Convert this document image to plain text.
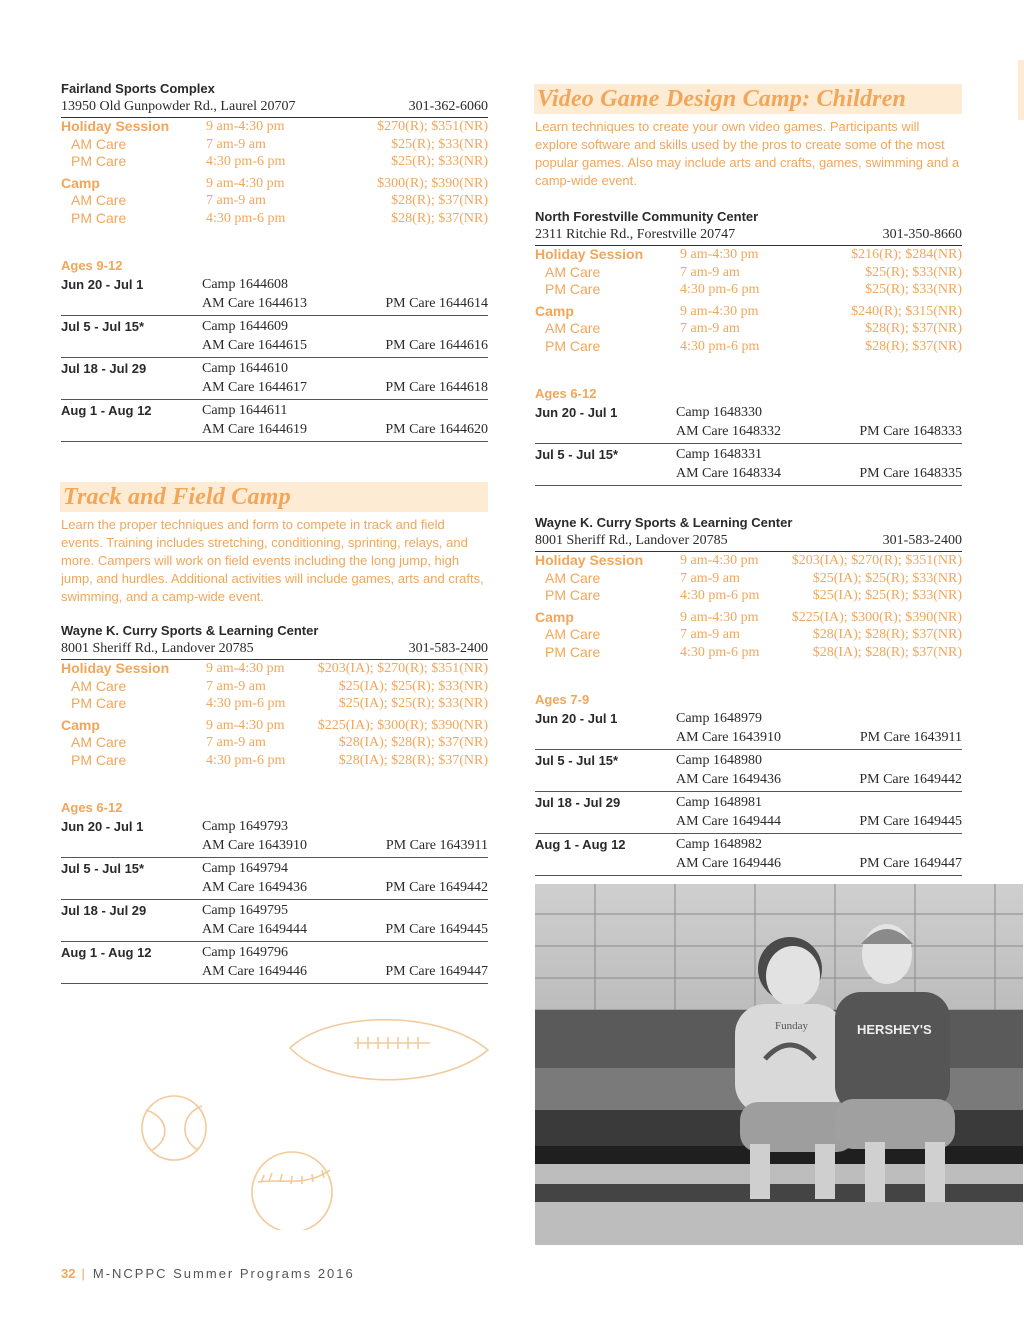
Fairland Sports Complex
13950 Old Gunpowder Rd., Laurel 20707	301-362-6060
Holiday Session	9 am-4:30 pm	$270(R); $351(NR)
AM Care	7 am-9 am	$25(R); $33(NR)
PM Care	4:30 pm-6 pm	$25(R); $33(NR)
Camp	9 am-4:30 pm	$300(R); $390(NR)
AM Care	7 am-9 am	$28(R); $37(NR)
PM Care	4:30 pm-6 pm	$28(R); $37(NR)
Ages 9-12
Jun 20 - Jul 1	Camp 1644608
AM Care 1644613	PM Care 1644614
Jul 5 - Jul 15*	Camp 1644609
AM Care 1644615	PM Care 1644616
Jul 18 - Jul 29	Camp 1644610
AM Care 1644617	PM Care 1644618
Aug 1 - Aug 12	Camp 1644611
AM Care 1644619	PM Care 1644620
Track and Field Camp
Learn the proper techniques and form to compete in track and field events. Training includes stretching, conditioning, sprinting, relays, and more. Campers will work on field events including the long jump, high jump, and hurdles. Additional activities will include games, arts and crafts, swimming, and a camp-wide event.
Wayne K. Curry Sports & Learning Center
8001 Sheriff Rd., Landover 20785	301-583-2400
Holiday Session	9 am-4:30 pm	$203(IA); $270(R); $351(NR)
AM Care	7 am-9 am	$25(IA); $25(R); $33(NR)
PM Care	4:30 pm-6 pm	$25(IA); $25(R); $33(NR)
Camp	9 am-4:30 pm	$225(IA); $300(R); $390(NR)
AM Care	7 am-9 am	$28(IA); $28(R); $37(NR)
PM Care	4:30 pm-6 pm	$28(IA); $28(R); $37(NR)
Ages 6-12
Jun 20 - Jul 1	Camp 1649793
AM Care 1643910	PM Care 1643911
Jul 5 - Jul 15*	Camp 1649794
AM Care 1649436	PM Care 1649442
Jul 18 - Jul 29	Camp 1649795
AM Care 1649444	PM Care 1649445
Aug 1 - Aug 12	Camp 1649796
AM Care 1649446	PM Care 1649447
Video Game Design Camp: Children
Learn techniques to create your own video games. Participants will explore software and skills used by the pros to create some of the most popular games. Also may include arts and crafts, games, swimming and a camp-wide event.
North Forestville Community Center
2311 Ritchie Rd., Forestville 20747	301-350-8660
Holiday Session	9 am-4:30 pm	$216(R); $284(NR)
AM Care	7 am-9 am	$25(R); $33(NR)
PM Care	4:30 pm-6 pm	$25(R); $33(NR)
Camp	9 am-4:30 pm	$240(R); $315(NR)
AM Care	7 am-9 am	$28(R); $37(NR)
PM Care	4:30 pm-6 pm	$28(R); $37(NR)
Ages 6-12
Jun 20 - Jul 1	Camp 1648330
AM Care 1648332	PM Care 1648333
Jul 5 - Jul 15*	Camp 1648331
AM Care 1648334	PM Care 1648335
Wayne K. Curry Sports & Learning Center
8001 Sheriff Rd., Landover 20785	301-583-2400
Holiday Session	9 am-4:30 pm	$203(IA); $270(R); $351(NR)
AM Care	7 am-9 am	$25(IA); $25(R); $33(NR)
PM Care	4:30 pm-6 pm	$25(IA); $25(R); $33(NR)
Camp	9 am-4:30 pm	$225(IA); $300(R); $390(NR)
AM Care	7 am-9 am	$28(IA); $28(R); $37(NR)
PM Care	4:30 pm-6 pm	$28(IA); $28(R); $37(NR)
Ages 7-9
Jun 20 - Jul 1	Camp 1648979
AM Care 1643910	PM Care 1643911
Jul 5 - Jul 15*	Camp 1648980
AM Care 1649436	PM Care 1649442
Jul 18 - Jul 29	Camp 1648981
AM Care 1649444	PM Care 1649445
Aug 1 - Aug 12	Camp 1648982
AM Care 1649446	PM Care 1649447
Funday	HERSHEY'S
32 | M-NCPPC Summer Programs 2016
